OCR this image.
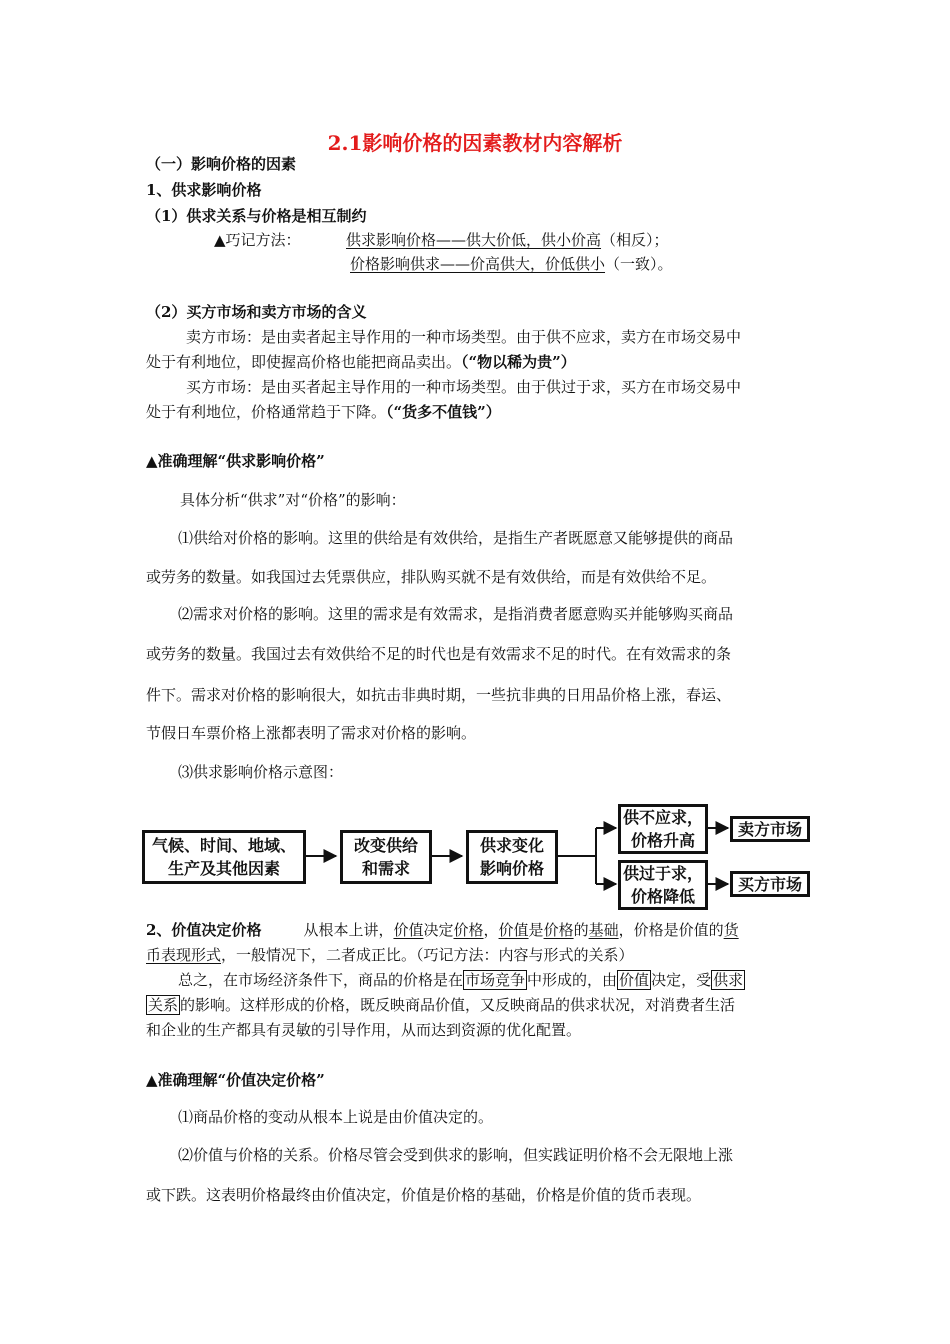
2.1影响价格的因素教材内容解析
（一）影响价格的因素
1、供求影响价格
（1）供求关系与价格是相互制约
▲巧记方法：	供求影响价格——供大价低，供小价高（相反）；
价格影响供求——价高供大，价低供小（一致）。
（2）买方市场和卖方市场的含义
卖方市场：是由卖者起主导作用的一种市场类型。由于供不应求，卖方在市场交易中
处于有利地位，即使握高价格也能把商品卖出。（“物以稀为贵”）
买方市场：是由买者起主导作用的一种市场类型。由于供过于求，买方在市场交易中
处于有利地位，价格通常趋于下降。（“货多不值钱”）
▲准确理解“供求影响价格”
具体分析“供求”对“价格”的影响：
⑴供给对价格的影响。这里的供给是有效供给，是指生产者既愿意又能够提供的商品
或劳务的数量。如我国过去凭票供应，排队购买就不是有效供给，而是有效供给不足。
⑵需求对价格的影响。这里的需求是有效需求，是指消费者愿意购买并能够购买商品
或劳务的数量。我国过去有效供给不足的时代也是有效需求不足的时代。在有效需求的条
件下。需求对价格的影响很大，如抗击非典时期，一些抗非典的日用品价格上涨，春运、
节假日车票价格上涨都表明了需求对价格的影响。
⑶供求影响价格示意图：
气候、时间、地域、
生产及其他因素
改变供给
和需求
供求变化
影响价格
供不应求，
价格升高
供过于求，
价格降低
卖方市场
买方市场
2、价值决定价格	从根本上讲，价值决定价格，价值是价格的基础，价格是价值的货
币表现形式，一般情况下，二者成正比。（巧记方法：内容与形式的关系）
总之，在市场经济条件下，商品的价格是在 市场竞争 中形成的，由 价值 决定，受 供求
关系 的影响。这样形成的价格，既反映商品价值，又反映商品的供求状况，对消费者生活
和企业的生产都具有灵敏的引导作用，从而达到资源的优化配置。
▲准确理解“价值决定价格”
⑴商品价格的变动从根本上说是由价值决定的。
⑵价值与价格的关系。价格尽管会受到供求的影响，但实践证明价格不会无限地上涨
或下跌。这表明价格最终由价值决定，价值是价格的基础，价格是价值的货币表现。
